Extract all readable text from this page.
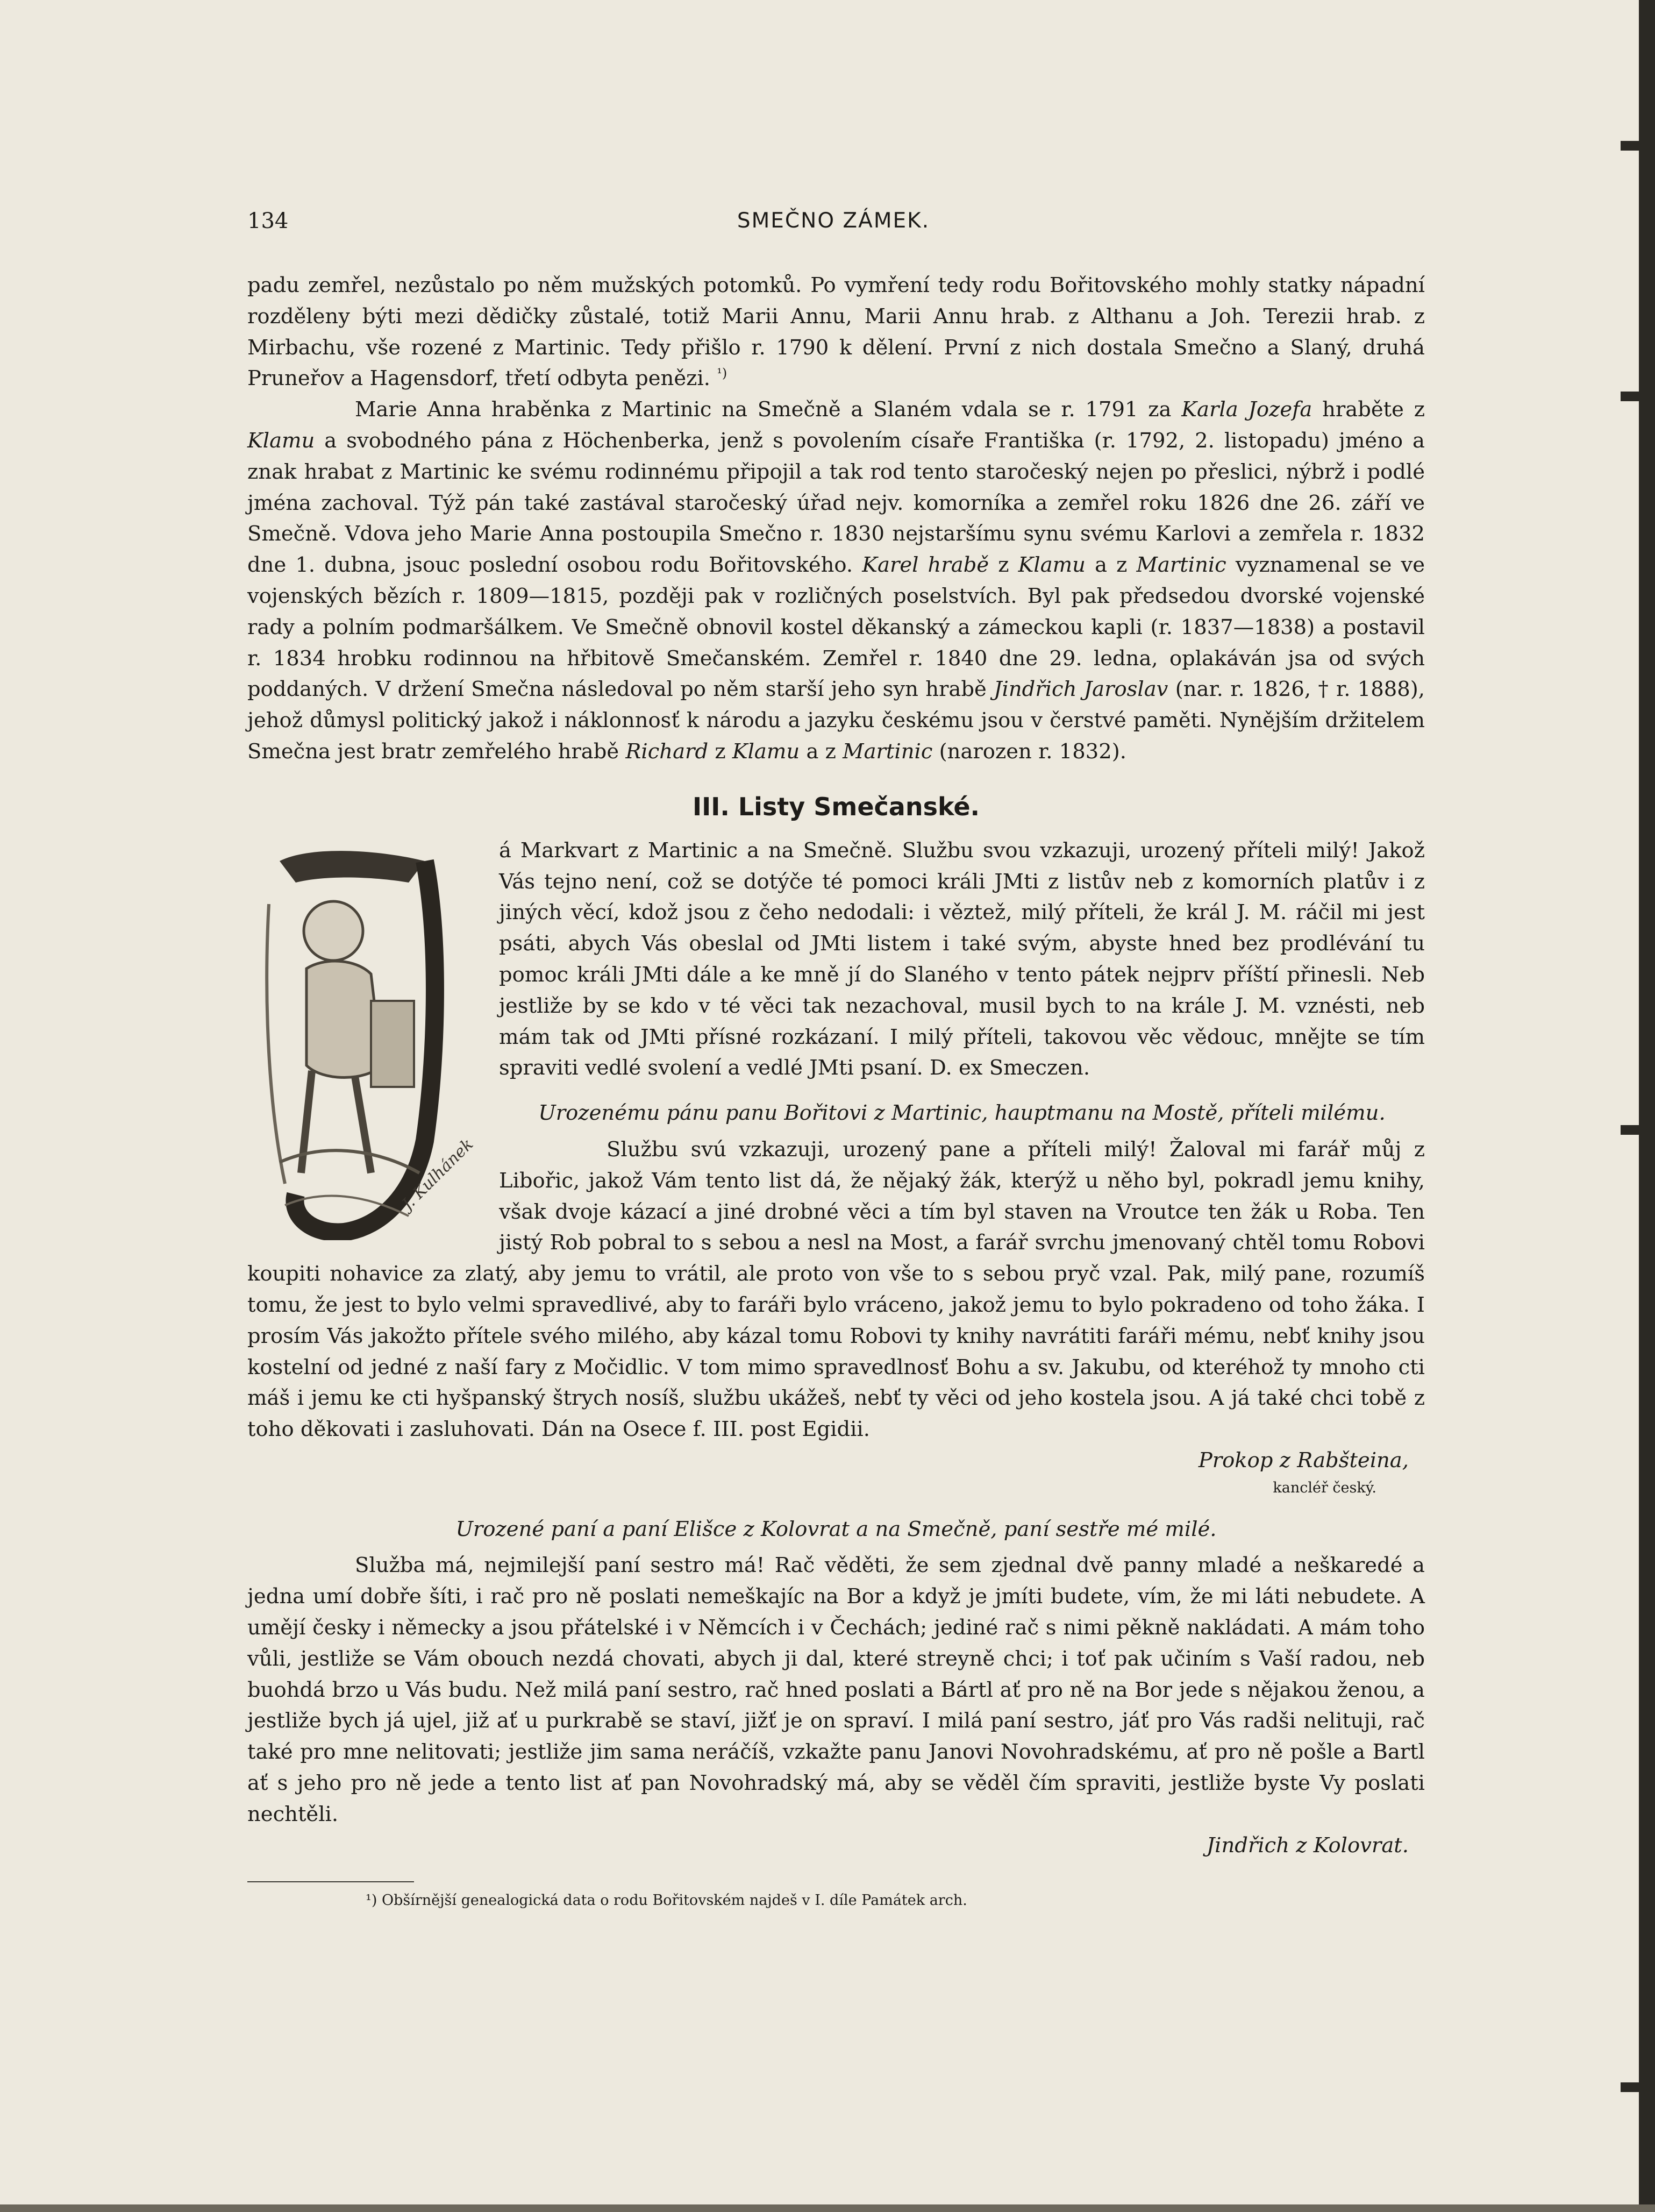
134	SMEČNO ZÁMEK.

padu zemřel, nezůstalo po něm mužských potomků. Po vymření tedy rodu Bořitovského mohly statky nápadní rozděleny býti mezi dědičky zůstalé, totiž Marii Annu, Marii Annu hrab. z Althanu a Joh. Terezii hrab. z Mirbachu, vše rozené z Martinic. Tedy přišlo r. 1790 k dělení. První z nich dostala Smečno a Slaný, druhá Pruneřov a Hagensdorf, třetí odbyta penězi. $^{^1)}$

Marie Anna hraběnka z Martinic na Smečně a Slaném vdala se r. 1791 za Karla Jozefa hraběte z Klamu a svobodného pána z Höchenberka, jenž s povolením císaře Františka (r. 1792, 2. listopadu) jméno a znak hrabat z Martinic ke svému rodinnému připojil a tak rod tento staročeský nejen po přeslici, nýbrž i podlé jména zachoval. Týž pán také zastával staročeský úřad nejv. komorníka a zemřel roku 1826 dne 26. září ve Smečně. Vdova jeho Marie Anna postoupila Smečno r. 1830 nejstaršímu synu svému Karlovi a zemřela r. 1832 dne 1. dubna, jsouc poslední osobou rodu Bořitovského. Karel hrabě z Klamu a z Martinic vyznamenal se ve vojenských bězích r. 1809—1815, později pak v rozličných poselstvích. Byl pak předsedou dvorské vojenské rady a polním podmaršálkem. Ve Smečně obnovil kostel děkanský a zámeckou kapli (r. 1837—1838) a postavil r. 1834 hrobku rodinnou na hřbitově Smečanském. Zemřel r. 1840 dne 29. ledna, oplakáván jsa od svých poddaných. V držení Smečna následoval po něm starší jeho syn hrabě Jindřich Jaroslav (nar. r. 1826, † r. 1888), jehož důmysl politický jakož i náklonnosť k národu a jazyku českému jsou v čerstvé paměti. Nynějším držitelem Smečna jest bratr zemřelého hrabě Richard z Klamu a z Martinic (narozen r. 1832).

III. Listy Smečanské.
J. Kulhánek

á Markvart z Martinic a na Smečně. Službu svou vzkazuji, urozený příteli milý! Jakož Vás tejno není, což se dotýče té pomoci králi JMti z listův neb z komorních platův i z jiných věcí, kdož jsou z čeho nedodali: i věztež, milý příteli, že král J. M. ráčil mi jest psáti, abych Vás obeslal od JMti listem i také svým, abyste hned bez prodlévání tu pomoc králi JMti dále a ke mně jí do Slaného v tento pátek nejprv příští přinesli. Neb jestliže by se kdo v té věci tak nezachoval, musil bych to na krále J. M. vznésti, neb mám tak od JMti přísné rozkázaní. I milý příteli, takovou věc vědouc, mnějte se tím spraviti vedlé svolení a vedlé JMti psaní. D. ex Smeczen.

Urozenému pánu panu Bořitovi z Martinic, hauptmanu na Mostě, příteli milému.

Službu svú vzkazuji, urozený pane a příteli milý! Žaloval mi farář můj z Libořic, jakož Vám tento list dá, že nějaký žák, kterýž u něho byl, pokradl jemu knihy, však dvoje kázací a jiné drobné věci a tím byl staven na Vroutce ten žák u Roba. Ten jistý Rob pobral to s sebou a nesl na Most, a farář svrchu jmenovaný chtěl tomu Robovi koupiti nohavice za zlatý, aby jemu to vrátil, ale proto von vše to s sebou pryč vzal. Pak, milý pane, rozumíš tomu, že jest to bylo velmi spravedlivé, aby to faráři bylo vráceno, jakož jemu to bylo pokradeno od toho žáka. I prosím Vás jakožto přítele svého milého, aby kázal tomu Robovi ty knihy navrátiti faráři mému, nebť knihy jsou kostelní od jedné z naší fary z Močidlic. V tom mimo spravedlnosť Bohu a sv. Jakubu, od kteréhož ty mnoho cti máš i jemu ke cti hyšpanský štrych nosíš, službu ukážeš, nebť ty věci od jeho kostela jsou. A já také chci tobě z toho děkovati i zasluhovati. Dán na Osece f. III. post Egidii.

Prokop z Rabšteina,
kancléř český.
Urozené paní a paní Elišce z Kolovrat a na Smečně, paní sestře mé milé.

Služba má, nejmilejší paní sestro má! Rač věděti, že sem zjednal dvě panny mladé a neškaredé a jedna umí dobře šíti, i rač pro ně poslati nemeškajíc na Bor a když je jmíti budete, vím, že mi láti nebudete. A umějí česky i německy a jsou přátelské i v Němcích i v Čechách; jediné rač s nimi pěkně nakládati. A mám toho vůli, jestliže se Vám obouch nezdá chovati, abych ji dal, které streyně chci; i toť pak učiním s Vaší radou, neb buohdá brzo u Vás budu. Než milá paní sestro, rač hned poslati a Bártl ať pro ně na Bor jede s nějakou ženou, a jestliže bych já ujel, již ať u purkrabě se staví, jižť je on spraví. I milá paní sestro, jáť pro Vás radši nelituji, rač také pro mne nelitovati; jestliže jim sama neráčíš, vzkažte panu Janovi Novohradskému, ať pro ně pošle a Bartl ať s jeho pro ně jede a tento list ať pan Novohradský má, aby se věděl čím spraviti, jestliže byste Vy poslati nechtěli.

Jindřich z Kolovrat.
¹) Obšírnější genealogická data o rodu Bořitovském najdeš v I. díle Památek arch.
